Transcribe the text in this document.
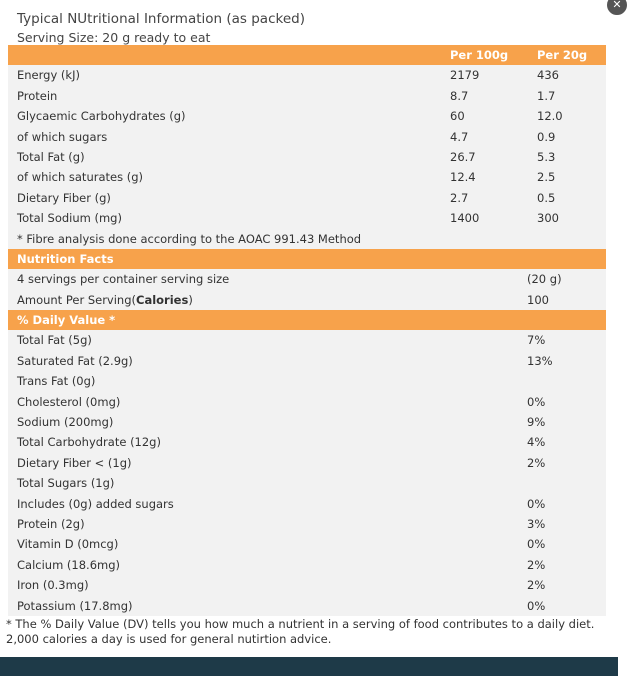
Typical NUtritional Information (as packed)
Serving Size: 20 g ready to eat
Per 100g	Per 20g
Energy (kJ)	2179	436
Protein	8.7	1.7
Glycaemic Carbohydrates (g)	60	12.0
of which sugars	4.7	0.9
Total Fat (g)	26.7	5.3
of which saturates (g)	12.4	2.5
Dietary Fiber (g)	2.7	0.5
Total Sodium (mg)	1400	300
* Fibre analysis done according to the AOAC 991.43 Method
Nutrition Facts
4 servings per container serving size	(20 g)
Amount Per Serving(Calories)	100
% Daily Value *
Total Fat (5g)	7%
Saturated Fat (2.9g)	13%
Trans Fat (0g)
Cholesterol (0mg)	0%
Sodium (200mg)	9%
Total Carbohydrate (12g)	4%
Dietary Fiber < (1g)	2%
Total Sugars (1g)
Includes (0g) added sugars	0%
Protein (2g)	3%
Vitamin D (0mcg)	0%
Calcium (18.6mg)	2%
Iron (0.3mg)	2%
Potassium (17.8mg)	0%
* The % Daily Value (DV) tells you how much a nutrient in a serving of food contributes to a daily diet. 2,000 calories a day is used for general nutirtion advice.
✕
